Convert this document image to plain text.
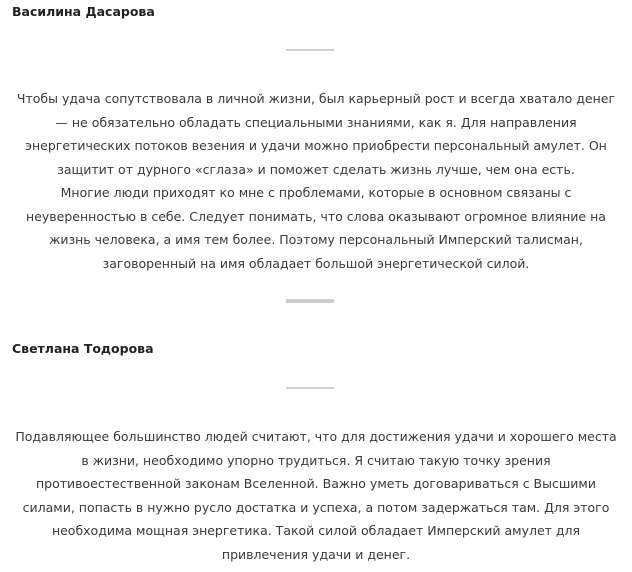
Василина Дасарова
Чтобы удача сопутствовала в личной жизни, был карьерный рост и всегда хватало денег
— не обязательно обладать специальными знаниями, как я. Для направления
энергетических потоков везения и удачи можно приобрести персональный амулет. Он
защитит от дурного «сглаза» и поможет сделать жизнь лучше, чем она есть.
Многие люди приходят ко мне с проблемами, которые в основном связаны с
неуверенностью в себе. Следует понимать, что слова оказывают огромное влияние на
жизнь человека, а имя тем более. Поэтому персональный Имперский талисман,
заговоренный на имя обладает большой энергетической силой.
Светлана Тодорова
Подавляющее большинство людей считают, что для достижения удачи и хорошего места
в жизни, необходимо упорно трудиться. Я считаю такую точку зрения
противоестественной законам Вселенной. Важно уметь договариваться с Высшими
силами, попасть в нужно русло достатка и успеха, а потом задержаться там. Для этого
необходима мощная энергетика. Такой силой обладает Имперский амулет для
привлечения удачи и денег.
